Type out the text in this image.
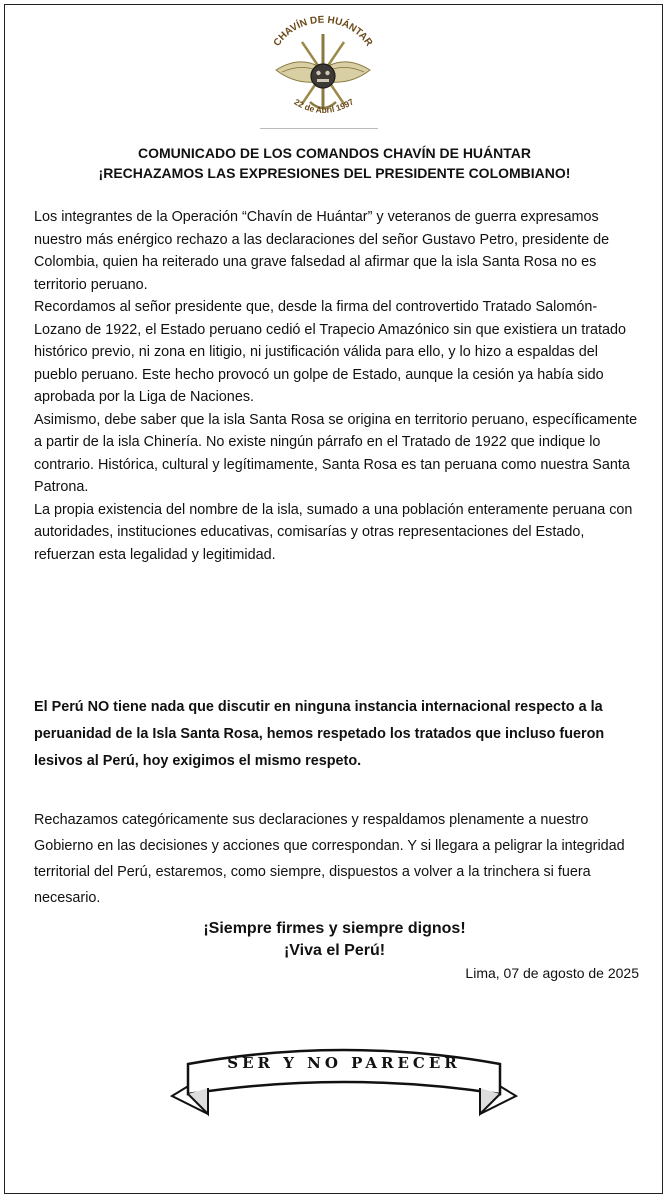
CHAVÍN DE HUÁNTAR
22 de Abril 1997
COMUNICADO DE LOS COMANDOS CHAVÍN DE HUÁNTAR
¡RECHAZAMOS LAS EXPRESIONES DEL PRESIDENTE COLOMBIANO!

Los integrantes de la Operación “Chavín de Huántar” y veteranos de guerra expresamos nuestro más enérgico rechazo a las declaraciones del señor Gustavo Petro, presidente de Colombia, quien ha reiterado una grave falsedad al afirmar que la isla Santa Rosa no es territorio peruano.

Recordamos al señor presidente que, desde la firma del controvertido Tratado Salomón-Lozano de 1922, el Estado peruano cedió el Trapecio Amazónico sin que existiera un tratado histórico previo, ni zona en litigio, ni justificación válida para ello, y lo hizo a espaldas del pueblo peruano. Este hecho provocó un golpe de Estado, aunque la cesión ya había sido aprobada por la Liga de Naciones.

Asimismo, debe saber que la isla Santa Rosa se origina en territorio peruano, específicamente a partir de la isla Chinería. No existe ningún párrafo en el Tratado de 1922 que indique lo contrario. Histórica, cultural y legítimamente, Santa Rosa es tan peruana como nuestra Santa Patrona.

La propia existencia del nombre de la isla, sumado a una población enteramente peruana con autoridades, instituciones educativas, comisarías y otras representaciones del Estado, refuerzan esta legalidad y legitimidad.

El Perú NO tiene nada que discutir en ninguna instancia internacional respecto a la peruanidad de la Isla Santa Rosa, hemos respetado los tratados que incluso fueron lesivos al Perú, hoy exigimos el mismo respeto.

Rechazamos categóricamente sus declaraciones y respaldamos plenamente a nuestro Gobierno en las decisiones y acciones que correspondan. Y si llegara a peligrar la integridad territorial del Perú, estaremos, como siempre, dispuestos a volver a la trinchera si fuera necesario.

¡Siempre firmes y siempre dignos!
¡Viva el Perú!
Lima, 07 de agosto de 2025
SER Y NO PARECER
